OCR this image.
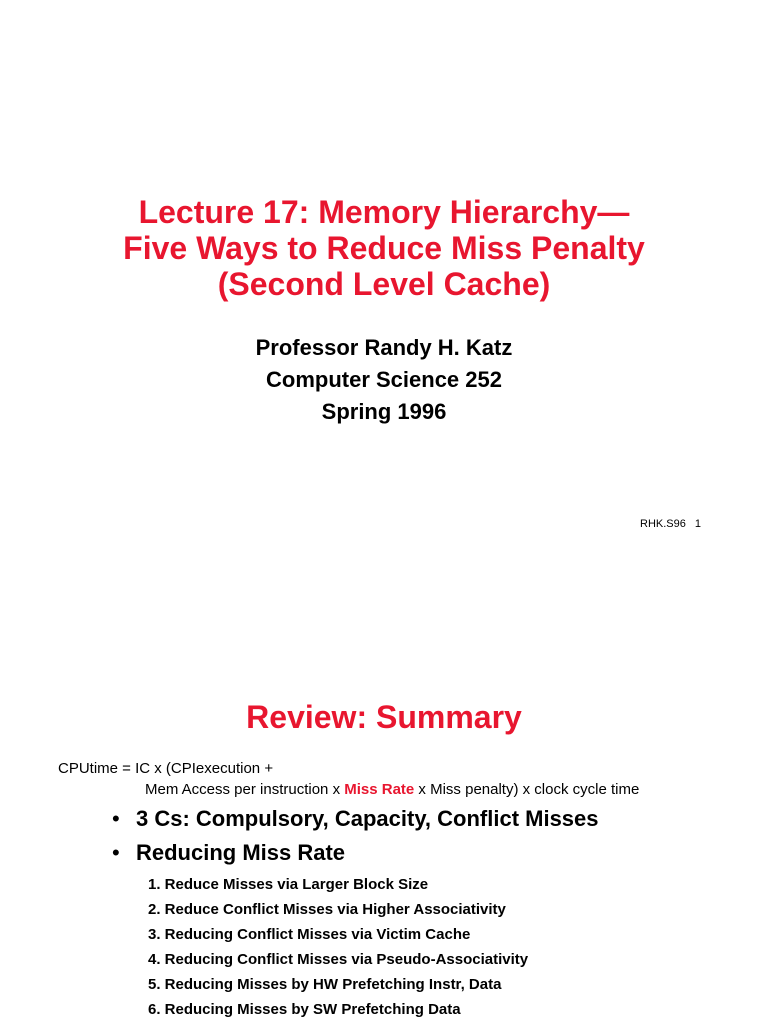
Lecture 17: Memory Hierarchy—
Five Ways to Reduce Miss Penalty
(Second Level Cache)
Professor Randy H. Katz
Computer Science 252
Spring 1996
RHK.S96 1
Review: Summary
CPUtime = IC x (CPIexecution +
Mem Access per instruction x Miss Rate x Miss penalty) x clock cycle time
• 3 Cs: Compulsory, Capacity, Conflict Misses
• Reducing Miss Rate
1. Reduce Misses via Larger Block Size
2. Reduce Conflict Misses via Higher Associativity
3. Reducing Conflict Misses via Victim Cache
4. Reducing Conflict Misses via Pseudo-Associativity
5. Reducing Misses by HW Prefetching Instr, Data
6. Reducing Misses by SW Prefetching Data
